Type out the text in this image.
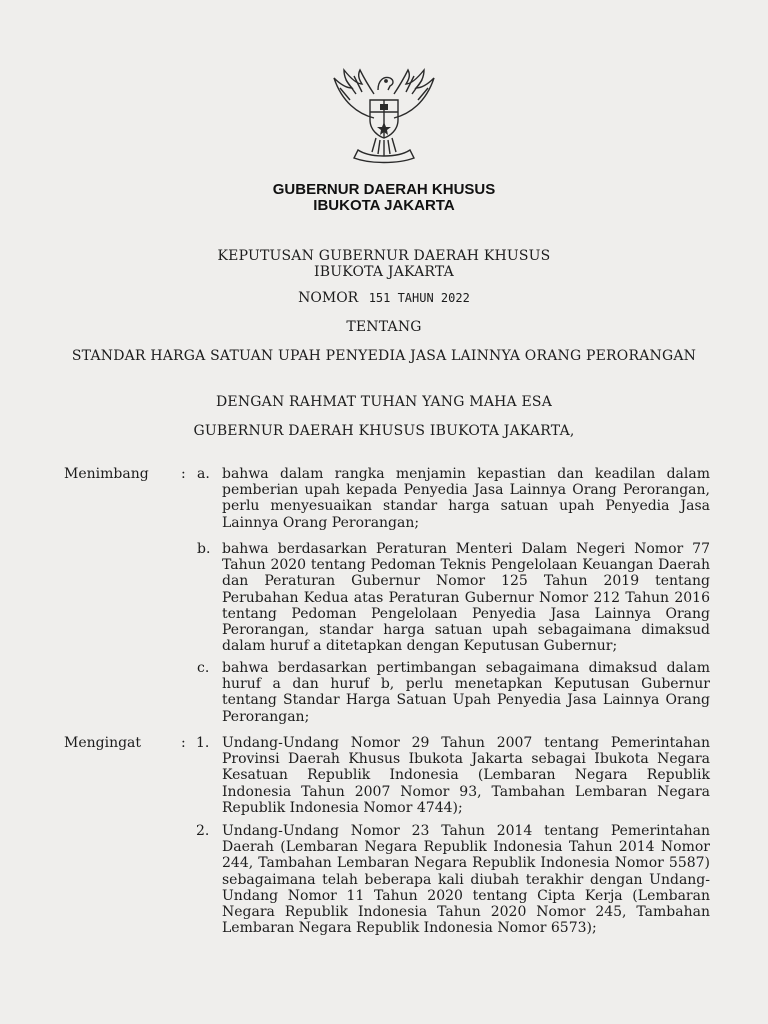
GUBERNUR DAERAH KHUSUS
IBUKOTA JAKARTA
KEPUTUSAN GUBERNUR DAERAH KHUSUS
IBUKOTA JAKARTA
NOMOR 151 TAHUN 2022
TENTANG
STANDAR HARGA SATUAN UPAH PENYEDIA JASA LAINNYA ORANG PERORANGAN
DENGAN RAHMAT TUHAN YANG MAHA ESA
GUBERNUR DAERAH KHUSUS IBUKOTA JAKARTA,
Menimbang : a. bahwa dalam rangka menjamin kepastian dan keadilan dalam pemberian upah kepada Penyedia Jasa Lainnya Orang Perorangan, perlu menyesuaikan standar harga satuan upah Penyedia Jasa Lainnya Orang Perorangan;
b. bahwa berdasarkan Peraturan Menteri Dalam Negeri Nomor 77 Tahun 2020 tentang Pedoman Teknis Pengelolaan Keuangan Daerah dan Peraturan Gubernur Nomor 125 Tahun 2019 tentang Perubahan Kedua atas Peraturan Gubernur Nomor 212 Tahun 2016 tentang Pedoman Pengelolaan Penyedia Jasa Lainnya Orang Perorangan, standar harga satuan upah sebagaimana dimaksud dalam huruf a ditetapkan dengan Keputusan Gubernur;
c. bahwa berdasarkan pertimbangan sebagaimana dimaksud dalam huruf a dan huruf b, perlu menetapkan Keputusan Gubernur tentang Standar Harga Satuan Upah Penyedia Jasa Lainnya Orang Perorangan;
Mengingat	: 1. Undang-Undang Nomor 29 Tahun 2007 tentang Pemerintahan Provinsi Daerah Khusus Ibukota Jakarta sebagai Ibukota Negara Kesatuan Republik Indonesia (Lembaran Negara Republik Indonesia Tahun 2007 Nomor 93, Tambahan Lembaran Negara Republik Indonesia Nomor 4744);
2. Undang-Undang Nomor 23 Tahun 2014 tentang Pemerintahan Daerah (Lembaran Negara Republik Indonesia Tahun 2014 Nomor 244, Tambahan Lembaran Negara Republik Indonesia Nomor 5587) sebagaimana telah beberapa kali diubah terakhir dengan Undang-Undang Nomor 11 Tahun 2020 tentang Cipta Kerja (Lembaran Negara Republik Indonesia Tahun 2020 Nomor 245, Tambahan Lembaran Negara Republik Indonesia Nomor 6573);
